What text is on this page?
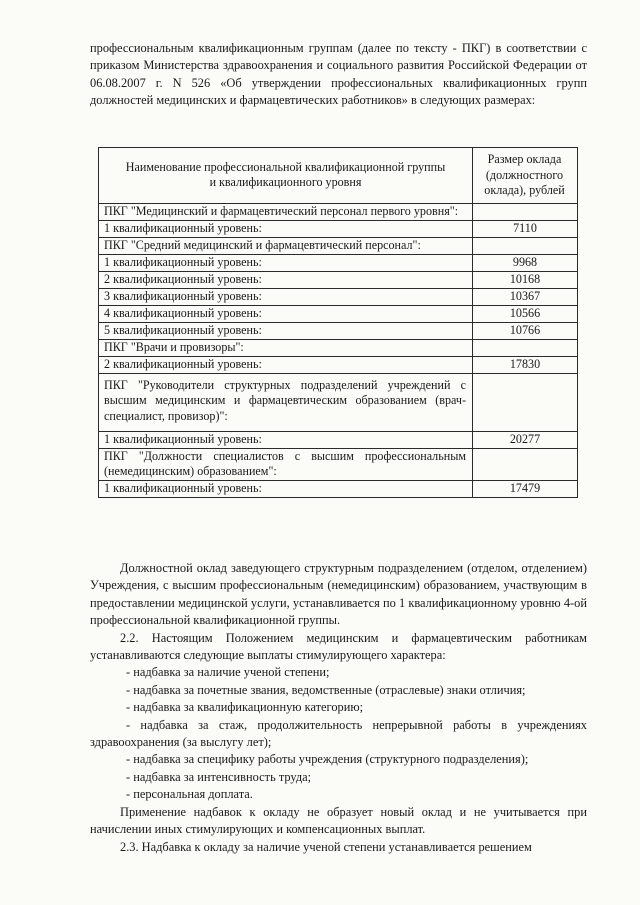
профессиональным квалификационным группам (далее по тексту - ПКГ) в соответствии с приказом Министерства здравоохранения и социального развития Российской Федерации от 06.08.2007 г. N 526 «Об утверждении профессиональных квалификационных групп должностей медицинских и фармацевтических работников» в следующих размерах:

Наименование профессиональной квалификационной группы и квалификационного уровня	Размер оклада (должностного оклада), рублей
ПКГ "Медицинский и фармацевтический персонал первого уровня":	
1 квалификационный уровень:	7110
ПКГ "Средний медицинский и фармацевтический персонал":	
1 квалификационный уровень:	9968
2 квалификационный уровень:	10168
3 квалификационный уровень:	10367
4 квалификационный уровень:	10566
5 квалификационный уровень:	10766
ПКГ "Врачи и провизоры":	
2 квалификационный уровень:	17830
ПКГ "Руководители структурных подразделений учреждений с высшим медицинским и фармацевтическим образованием (врач-специалист, провизор)":	
1 квалификационный уровень:	20277
ПКГ "Должности специалистов с высшим профессиональным (немедицинским) образованием":	
1 квалификационный уровень:	17479

Должностной оклад заведующего структурным подразделением (отделом, отделением) Учреждения, с высшим профессиональным (немедицинским) образованием, участвующим в предоставлении медицинской услуги, устанавливается по 1 квалификационному уровню 4-ой профессиональной квалификационной группы.

2.2. Настоящим Положением медицинским и фармацевтическим работникам устанавливаются следующие выплаты стимулирующего характера:

- надбавка за наличие ученой степени;

- надбавка за почетные звания, ведомственные (отраслевые) знаки отличия;

- надбавка за квалификационную категорию;

- надбавка за стаж, продолжительность непрерывной работы в учреждениях здравоохранения (за выслугу лет);

- надбавка за специфику работы учреждения (структурного подразделения);

- надбавка за интенсивность труда;

- персональная доплата.

Применение надбавок к окладу не образует новый оклад и не учитывается при начислении иных стимулирующих и компенсационных выплат.

2.3. Надбавка к окладу за наличие ученой степени устанавливается решением
